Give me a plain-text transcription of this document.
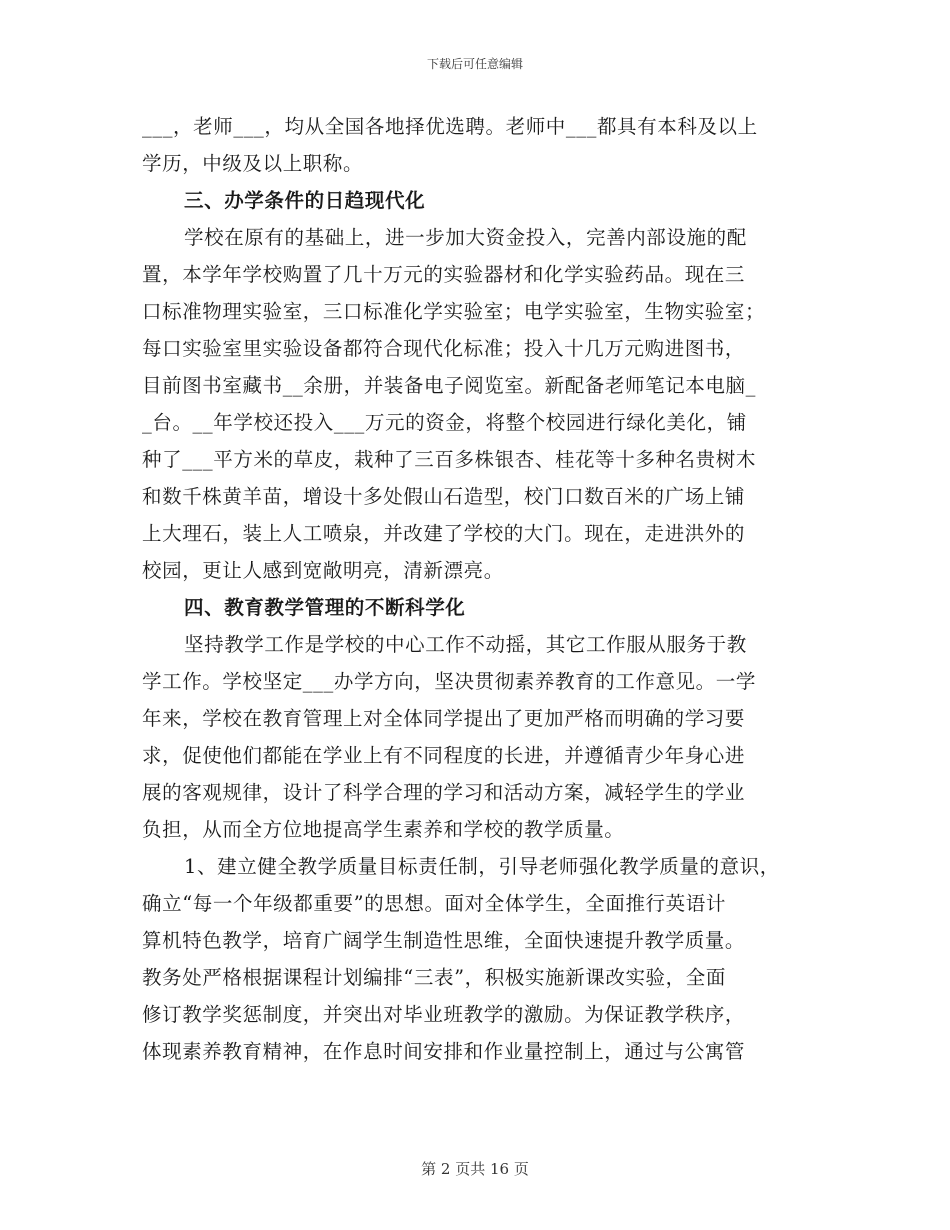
下载后可任意编辑
___，老师___，均从全国各地择优选聘。老师中___都具有本科及以上
学历，中级及以上职称。
三、办学条件的日趋现代化
学校在原有的基础上，进一步加大资金投入，完善内部设施的配
置，本学年学校购置了几十万元的实验器材和化学实验药品。现在三
口标准物理实验室，三口标准化学实验室；电学实验室，生物实验室；
每口实验室里实验设备都符合现代化标准；投入十几万元购进图书，
目前图书室藏书__余册，并装备电子阅览室。新配备老师笔记本电脑_
_台。__年学校还投入___万元的资金，将整个校园进行绿化美化，铺
种了___平方米的草皮，栽种了三百多株银杏、桂花等十多种名贵树木
和数千株黄羊苗，增设十多处假山石造型，校门口数百米的广场上铺
上大理石，装上人工喷泉，并改建了学校的大门。现在，走进洪外的
校园，更让人感到宽敞明亮，清新漂亮。
四、教育教学管理的不断科学化
坚持教学工作是学校的中心工作不动摇，其它工作服从服务于教
学工作。学校坚定___办学方向，坚决贯彻素养教育的工作意见。一学
年来，学校在教育管理上对全体同学提出了更加严格而明确的学习要
求，促使他们都能在学业上有不同程度的长进，并遵循青少年身心进
展的客观规律，设计了科学合理的学习和活动方案，减轻学生的学业
负担，从而全方位地提高学生素养和学校的教学质量。
1、建立健全教学质量目标责任制，引导老师强化教学质量的意识，
确立“每一个年级都重要”的思想。面对全体学生，全面推行英语计
算机特色教学，培育广阔学生制造性思维，全面快速提升教学质量。
教务处严格根据课程计划编排“三表”，积极实施新课改实验，全面
修订教学奖惩制度，并突出对毕业班教学的激励。为保证教学秩序，
体现素养教育精神，在作息时间安排和作业量控制上，通过与公寓管
第 2 页共 16 页
